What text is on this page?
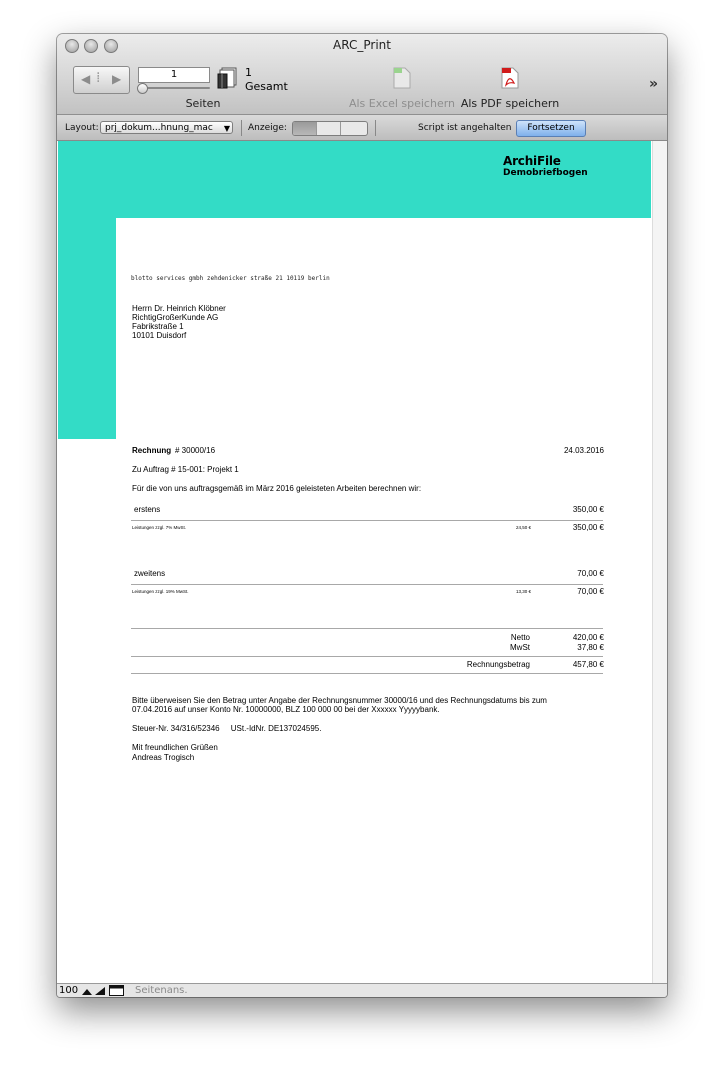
ARC_Print
◀ ⁞ ▶	1	1
Gesamt
Seiten	Als Excel speichern Als PDF speichern
»
Layout: prj_dokum...hnung_mac ▼ Anzeige:	Script ist angehalten	Fortsetzen
ArchiFile
Demobriefbogen
blotto services gmbh zehdenicker straße 21 10119 berlin
Herrn Dr. Heinrich Klöbner
RichtigGroßerKunde AG
Fabrikstraße 1
10101 Duisdorf
Rechnung # 30000/16	24.03.2016
Zu Auftrag # 15-001: Projekt 1
Für die von uns auftragsgemäß im März 2016 geleisteten Arbeiten berechnen wir:
erstens	350,00 €
Leistungen zzgl. 7% MwSt.	24,50 €	350,00 €
zweitens	70,00 €
Leistungen zzgl. 19% MwSt.	13,30 €	70,00 €
Netto	420,00 €
MwSt	37,80 €
Rechnungsbetrag	457,80 €
Bitte überweisen Sie den Betrag unter Angabe der Rechnungsnummer 30000/16 und des Rechnungsdatums bis zum
07.04.2016 auf unser Konto Nr. 10000000, BLZ 100 000 00 bei der Xxxxxx Yyyyybank.
Steuer-Nr. 34/316/52346     USt.-IdNr. DE137024595.
Mit freundlichen Grüßen
Andreas Trogisch
100	Seitenans.
